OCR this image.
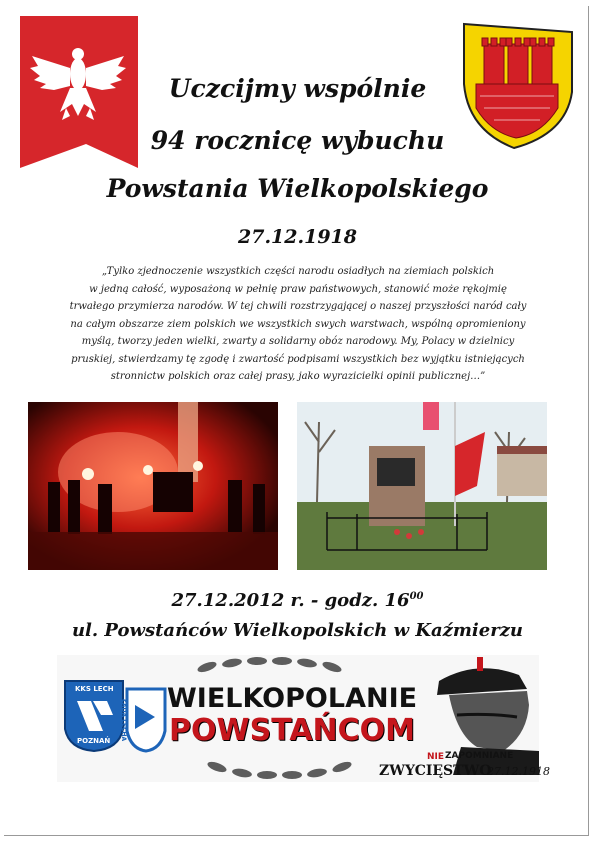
Uczcijmy wspólnie
94 rocznicę wybuchu
Powstania Wielkopolskiego
27.12.1918
„Tylko zjednoczenie wszystkich części narodu osiadłych na ziemiach polskich
w jedną całość, wyposażoną w pełnię praw państwowych, stanowić może rękojmię
trwałego przymierza narodów. W tej chwili rozstrzygającej o naszej przyszłości naród cały
na całym obszarze ziem polskich we wszystkich swych warstwach, wspólną opromieniony
myślą, tworzy jeden wielki, zwarty a solidarny obóz narodowy. My, Polacy w dzielnicy
pruskiej, stwierdzamy tę zgodę i zwartość podpisami wszystkich bez wyjątku istniejących
stronnictw polskich oraz całej prasy, jako wyrazicielki opinii publicznej…”
27.12.2012 r. - godz. $16^{00}$
ul. Powstańców Wielkopolskich w Kaźmierzu
KKS LECH
POZNAŃ ŁADA LECHA
WIELKOPOLANIE
POWSTAŃCOM
NIE ZAPOMNIANE
ZWYCIĘSTWO
27.12.1918
